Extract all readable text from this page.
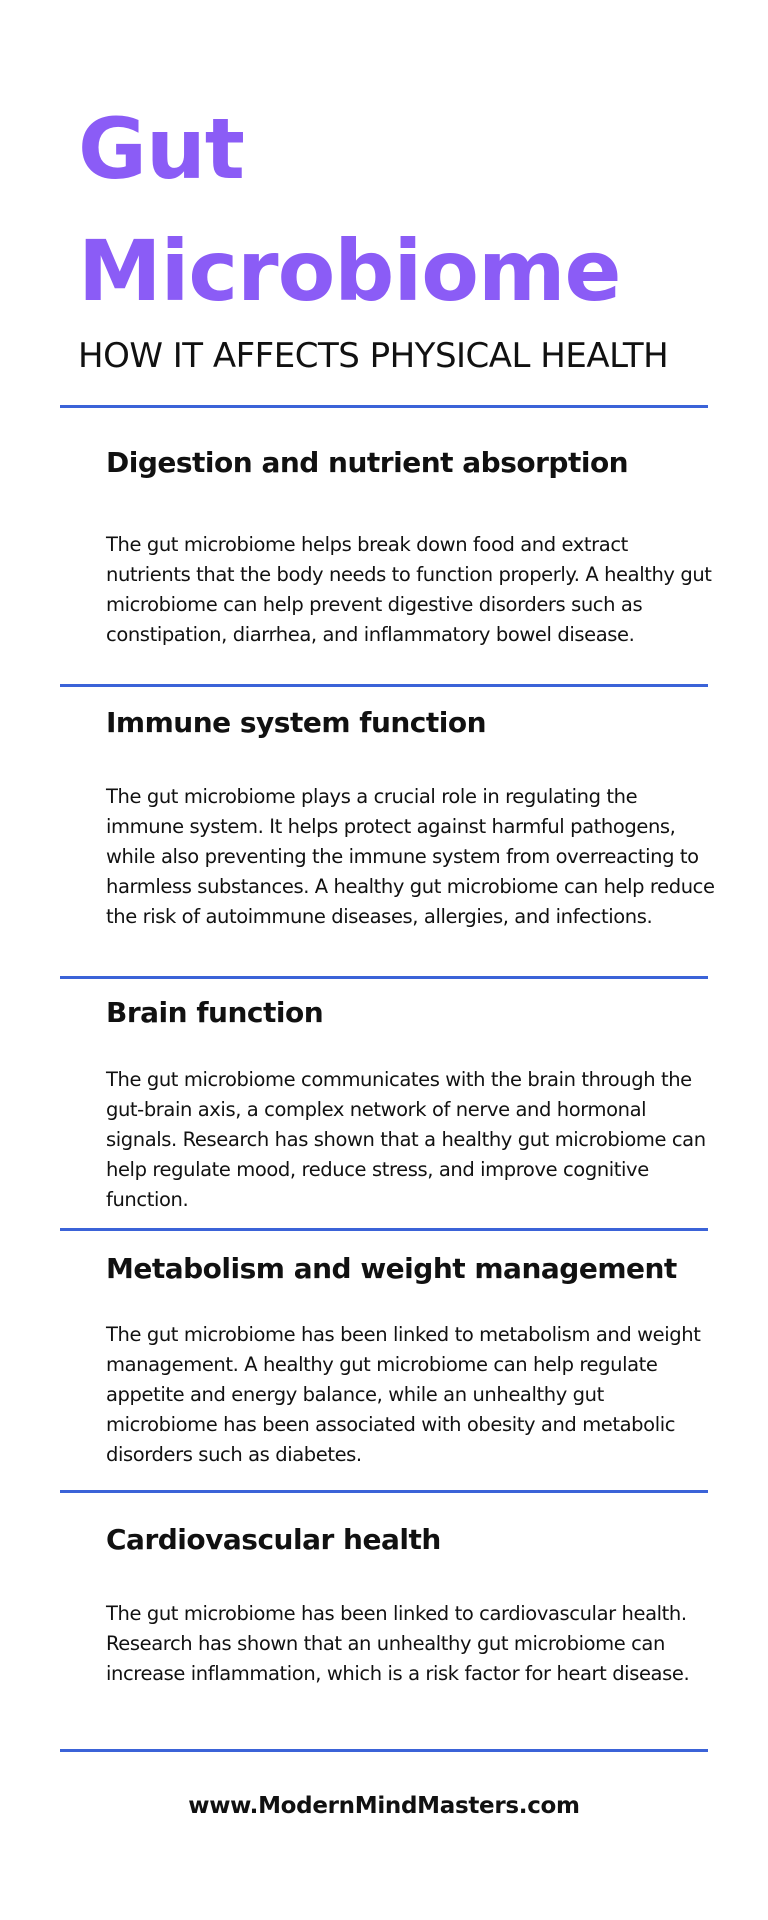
Gut
Microbiome
HOW IT AFFECTS PHYSICAL HEALTH
Digestion and nutrient absorption

The gut microbiome helps break down food and extract nutrients that the body needs to function properly. A healthy gut microbiome can help prevent digestive disorders such as constipation, diarrhea, and inflammatory bowel disease.

Immune system function

The gut microbiome plays a crucial role in regulating the immune system. It helps protect against harmful pathogens, while also preventing the immune system from overreacting to harmless substances. A healthy gut microbiome can help reduce the risk of autoimmune diseases, allergies, and infections.

Brain function

The gut microbiome communicates with the brain through the gut-brain axis, a complex network of nerve and hormonal signals. Research has shown that a healthy gut microbiome can help regulate mood, reduce stress, and improve cognitive function.

Metabolism and weight management

The gut microbiome has been linked to metabolism and weight management. A healthy gut microbiome can help regulate appetite and energy balance, while an unhealthy gut microbiome has been associated with obesity and metabolic disorders such as diabetes.

Cardiovascular health

The gut microbiome has been linked to cardiovascular health. Research has shown that an unhealthy gut microbiome can increase inflammation, which is a risk factor for heart disease.

www.ModernMindMasters.com
